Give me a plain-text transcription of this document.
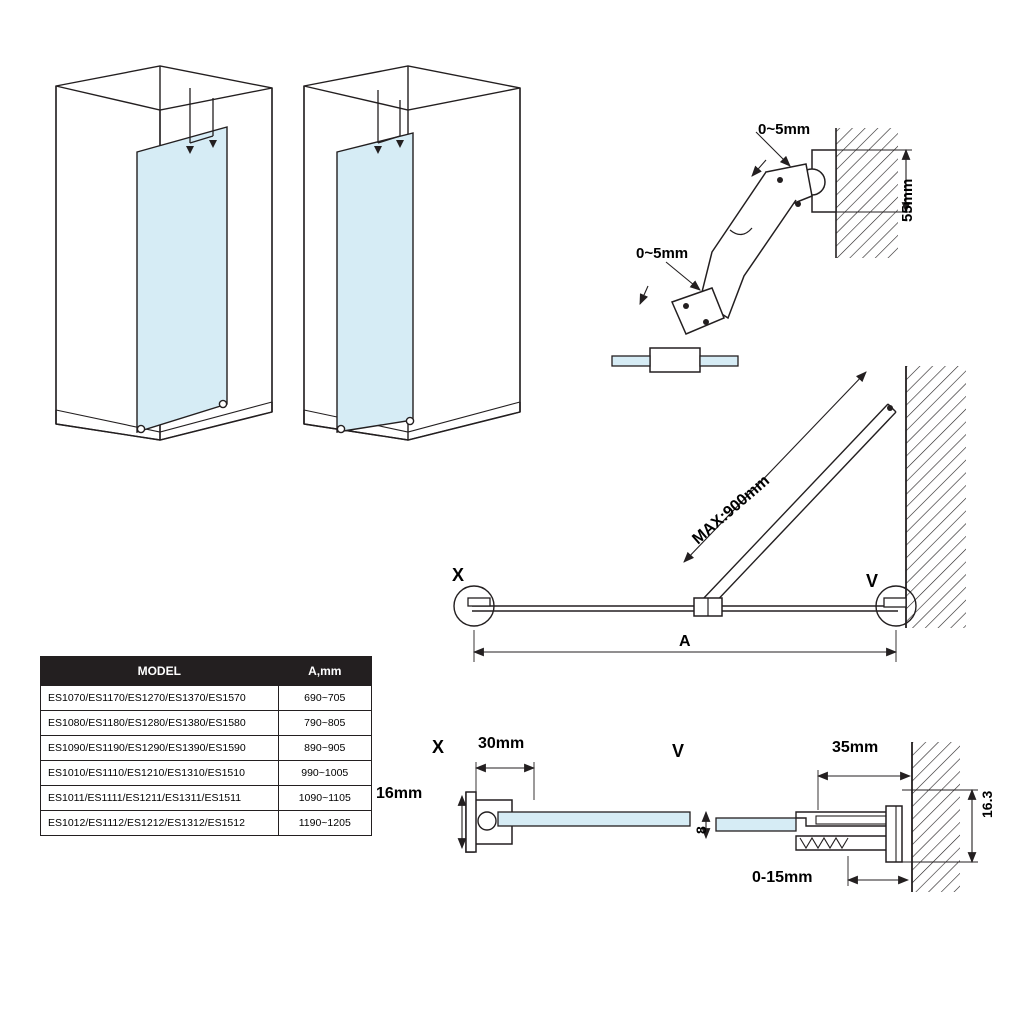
0~5mm
0~5mm
55mm
MAX:900mm
X	V
A
X 30mm
16mm
V	35mm
16.3
8
0-15mm
MODEL	A,mm
ES1070/ES1170/ES1270/ES1370/ES1570	690~705
ES1080/ES1180/ES1280/ES1380/ES1580	790~805
ES1090/ES1190/ES1290/ES1390/ES1590	890~905
ES1010/ES1110/ES1210/ES1310/ES1510	990~1005
ES1011/ES1111/ES1211/ES1311/ES1511	1090~1105
ES1012/ES1112/ES1212/ES1312/ES1512	1190~1205
